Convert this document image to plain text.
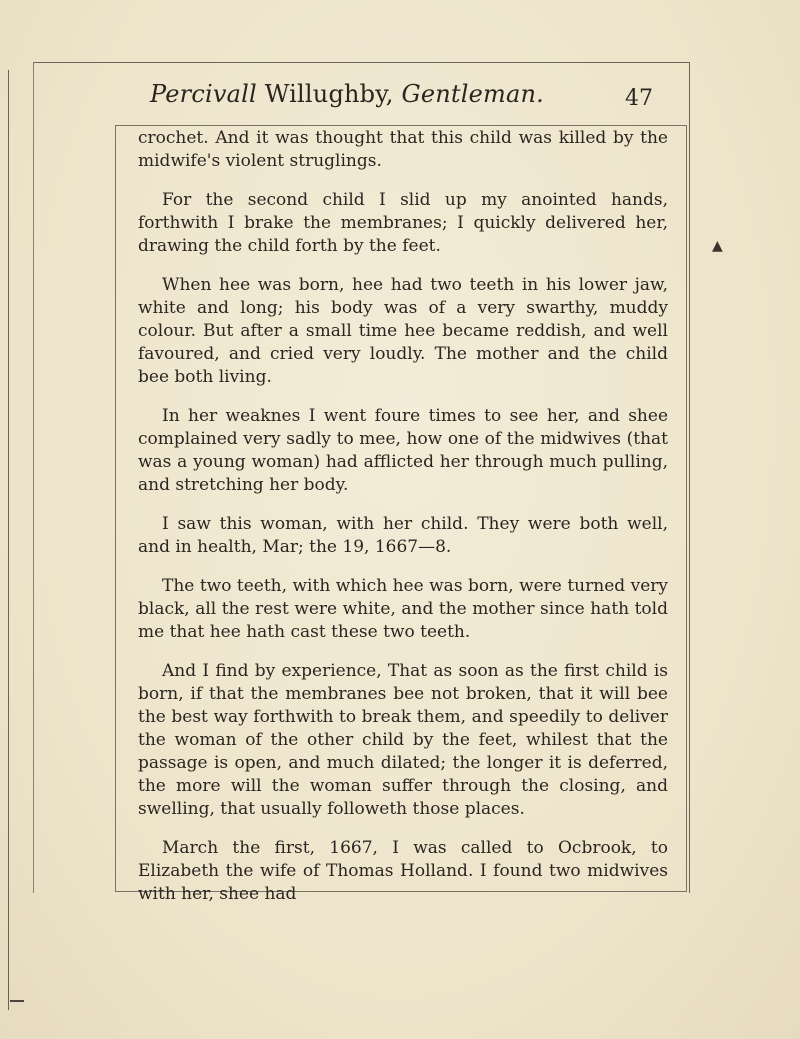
Percivall Willughby, Gentleman.	47

crochet. And it was thought that this child was killed by the midwife's violent struglings.

For the second child I slid up my anointed hands, forthwith I brake the membranes; I quickly delivered her, drawing the child forth by the feet.

When hee was born, hee had two teeth in his lower jaw, white and long; his body was of a very swarthy, muddy colour. But after a small time hee became reddish, and well favoured, and cried very loudly. The mother and the child bee both living.

In her weaknes I went foure times to see her, and shee complained very sadly to mee, how one of the midwives (that was a young woman) had afflicted her through much pulling, and stretching her body.

I saw this woman, with her child. They were both well, and in health, Mar; the 19, 1667—8.

The two teeth, with which hee was born, were turned very black, all the rest were white, and the mother since hath told me that hee hath cast these two teeth.

And I find by experience, That as soon as the first child is born, if that the membranes bee not broken, that it will bee the best way forthwith to break them, and speedily to deliver the woman of the other child by the feet, whilest that the passage is open, and much dilated; the longer it is deferred, the more will the woman suffer through the closing, and swelling, that usually followeth those places.

March the first, 1667, I was called to Ocbrook, to Elizabeth the wife of Thomas Holland. I found two midwives with her, shee had

▲
